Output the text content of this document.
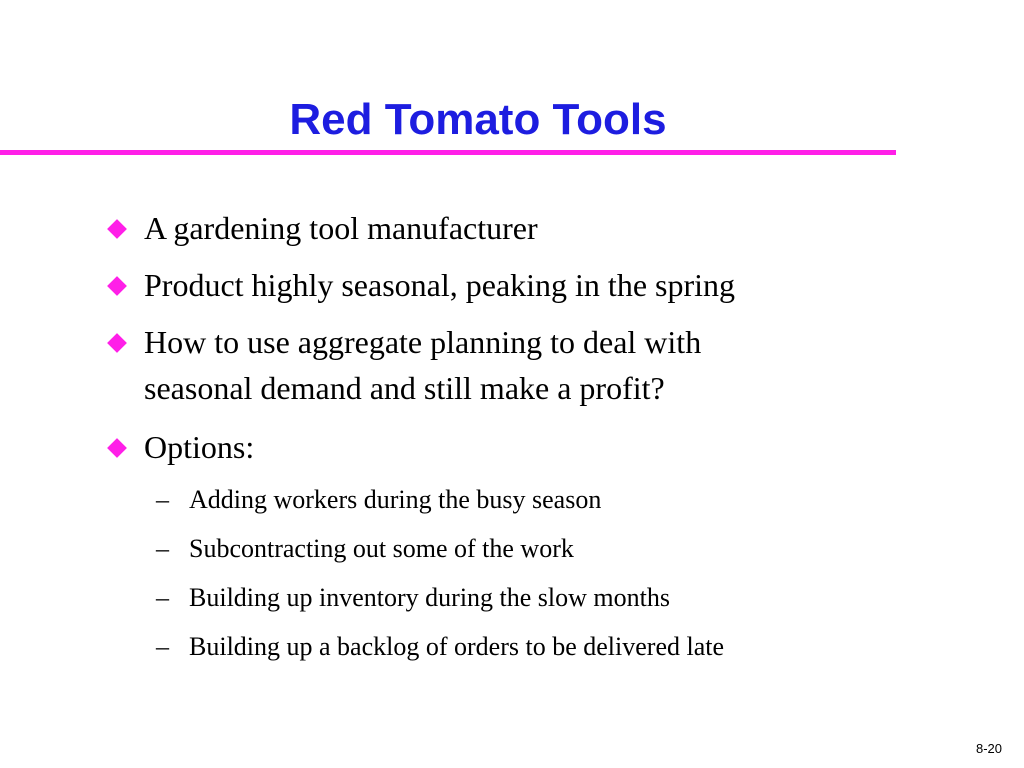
Red Tomato Tools
A gardening tool manufacturer
Product highly seasonal, peaking in the spring
How to use aggregate planning to deal with
seasonal demand and still make a profit?
Options:
– Adding workers during the busy season
– Subcontracting out some of the work
– Building up inventory during the slow months
– Building up a backlog of orders to be delivered late
8-20
